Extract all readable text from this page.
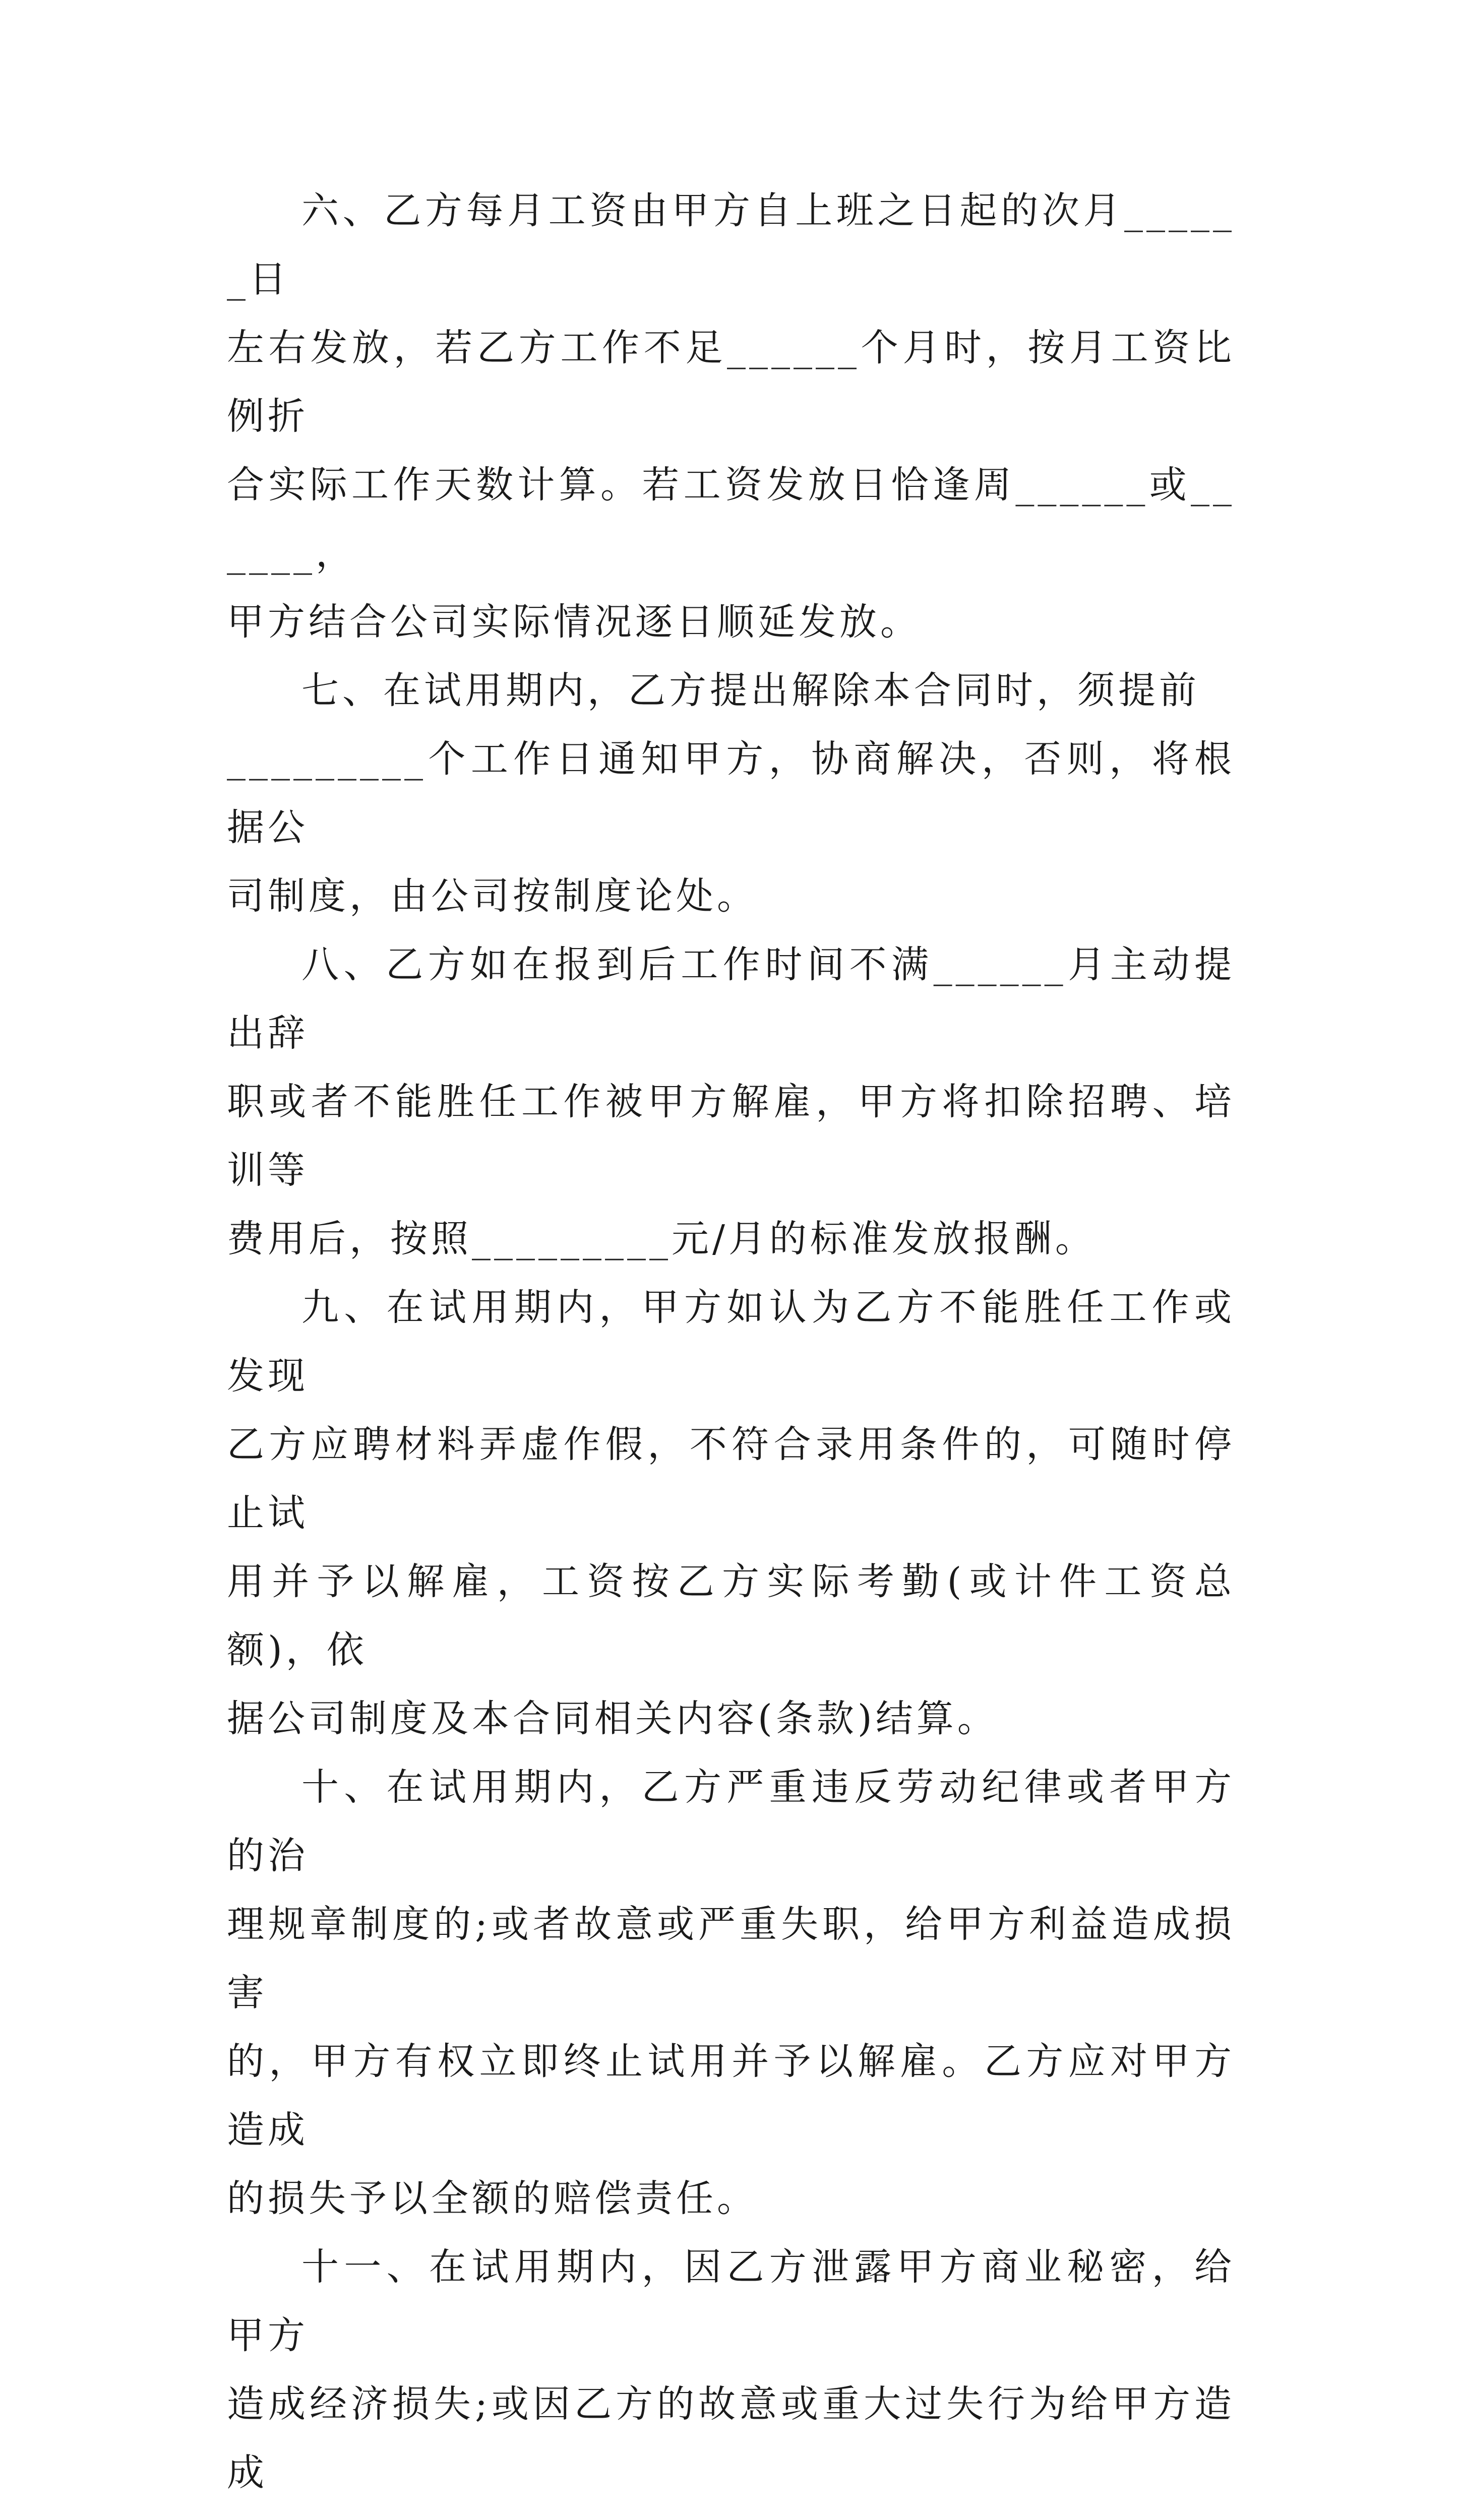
六、乙方每月工资由甲方自上班之日起的次月______日
左右发放，若乙方工作不足______个月时，按月工资比例折
合实际工作天数计算。若工资发放日恰逢周______或______，
甲方结合公司实际情况逐日顺延发放。
七、在试用期内，乙方提出解除本合同时，须提前
_________个工作日通知甲方，协商解决，否则，将根据公
司制度，由公司按制度论处。
八、乙方如在报到后工作时间不满______月主动提出辞
职或者不能胜任工作被甲方解雇，甲方将扣除招聘、培训等
费用后，按照_________元/月的标准发放报酬。
九、在试用期内，甲方如认为乙方不能胜任工作或发现
乙方应聘材料弄虚作假，不符合录用条件的，可随时停止试
用并予以解雇，工资按乙方实际考勤(或计件工资总额)，依
据公司制度及本合同相关内容(条款)结算。
十、在试用期内，乙方严重违反劳动纪律或者甲方的治
理规章制度的;或者故意或严重失职，给甲方利益造成损害
的，甲方有权立即终止试用并予以解雇。乙方应对甲方造成
的损失予以全额的赔偿责任。
十一、在试用期内，因乙方泄露甲方商业秘密，给甲方
造成经济损失;或因乙方的故意或重大过失行为给甲方造成
